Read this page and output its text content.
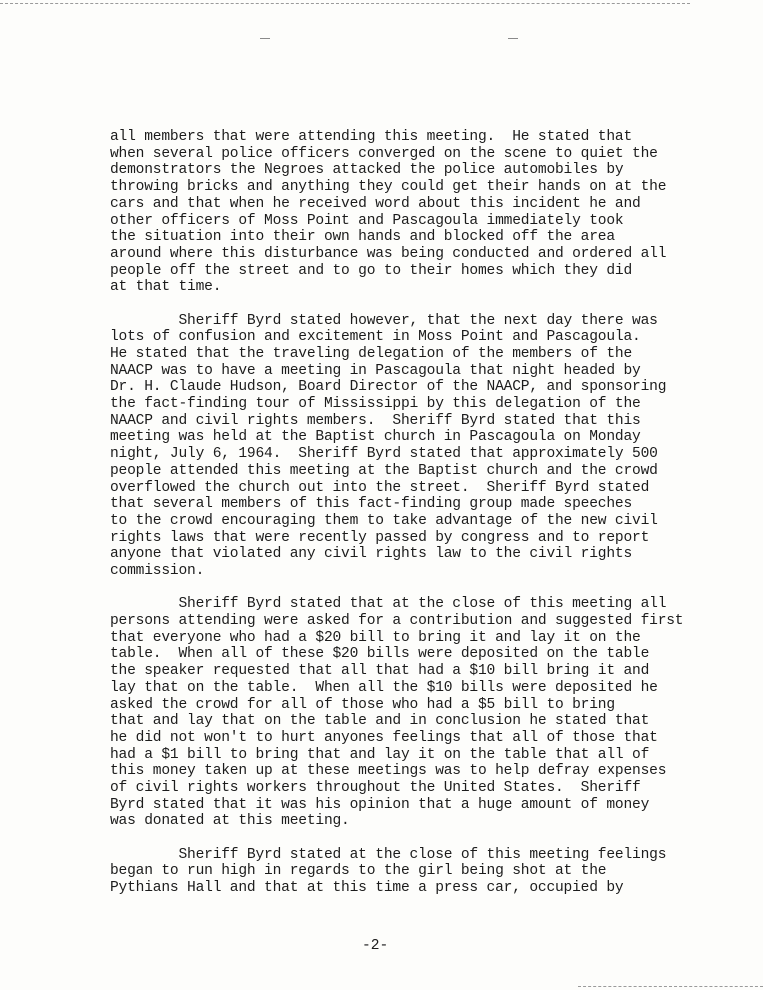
all members that were attending this meeting.  He stated that
when several police officers converged on the scene to quiet the
demonstrators the Negroes attacked the police automobiles by
throwing bricks and anything they could get their hands on at the
cars and that when he received word about this incident he and
other officers of Moss Point and Pascagoula immediately took
the situation into their own hands and blocked off the area
around where this disturbance was being conducted and ordered all
people off the street and to go to their homes which they did
at that time.

Sheriff Byrd stated however, that the next day there was
lots of confusion and excitement in Moss Point and Pascagoula.
He stated that the traveling delegation of the members of the
NAACP was to have a meeting in Pascagoula that night headed by
Dr. H. Claude Hudson, Board Director of the NAACP, and sponsoring
the fact-finding tour of Mississippi by this delegation of the
NAACP and civil rights members.  Sheriff Byrd stated that this
meeting was held at the Baptist church in Pascagoula on Monday
night, July 6, 1964.  Sheriff Byrd stated that approximately 500
people attended this meeting at the Baptist church and the crowd
overflowed the church out into the street.  Sheriff Byrd stated
that several members of this fact-finding group made speeches
to the crowd encouraging them to take advantage of the new civil
rights laws that were recently passed by congress and to report
anyone that violated any civil rights law to the civil rights
commission.

Sheriff Byrd stated that at the close of this meeting all
persons attending were asked for a contribution and suggested first
that everyone who had a $20 bill to bring it and lay it on the
table.  When all of these $20 bills were deposited on the table
the speaker requested that all that had a $10 bill bring it and
lay that on the table.  When all the $10 bills were deposited he
asked the crowd for all of those who had a $5 bill to bring
that and lay that on the table and in conclusion he stated that
he did not won't to hurt anyones feelings that all of those that
had a $1 bill to bring that and lay it on the table that all of
this money taken up at these meetings was to help defray expenses
of civil rights workers throughout the United States.  Sheriff
Byrd stated that it was his opinion that a huge amount of money
was donated at this meeting.

Sheriff Byrd stated at the close of this meeting feelings
began to run high in regards to the girl being shot at the
Pythians Hall and that at this time a press car, occupied by

-2-
